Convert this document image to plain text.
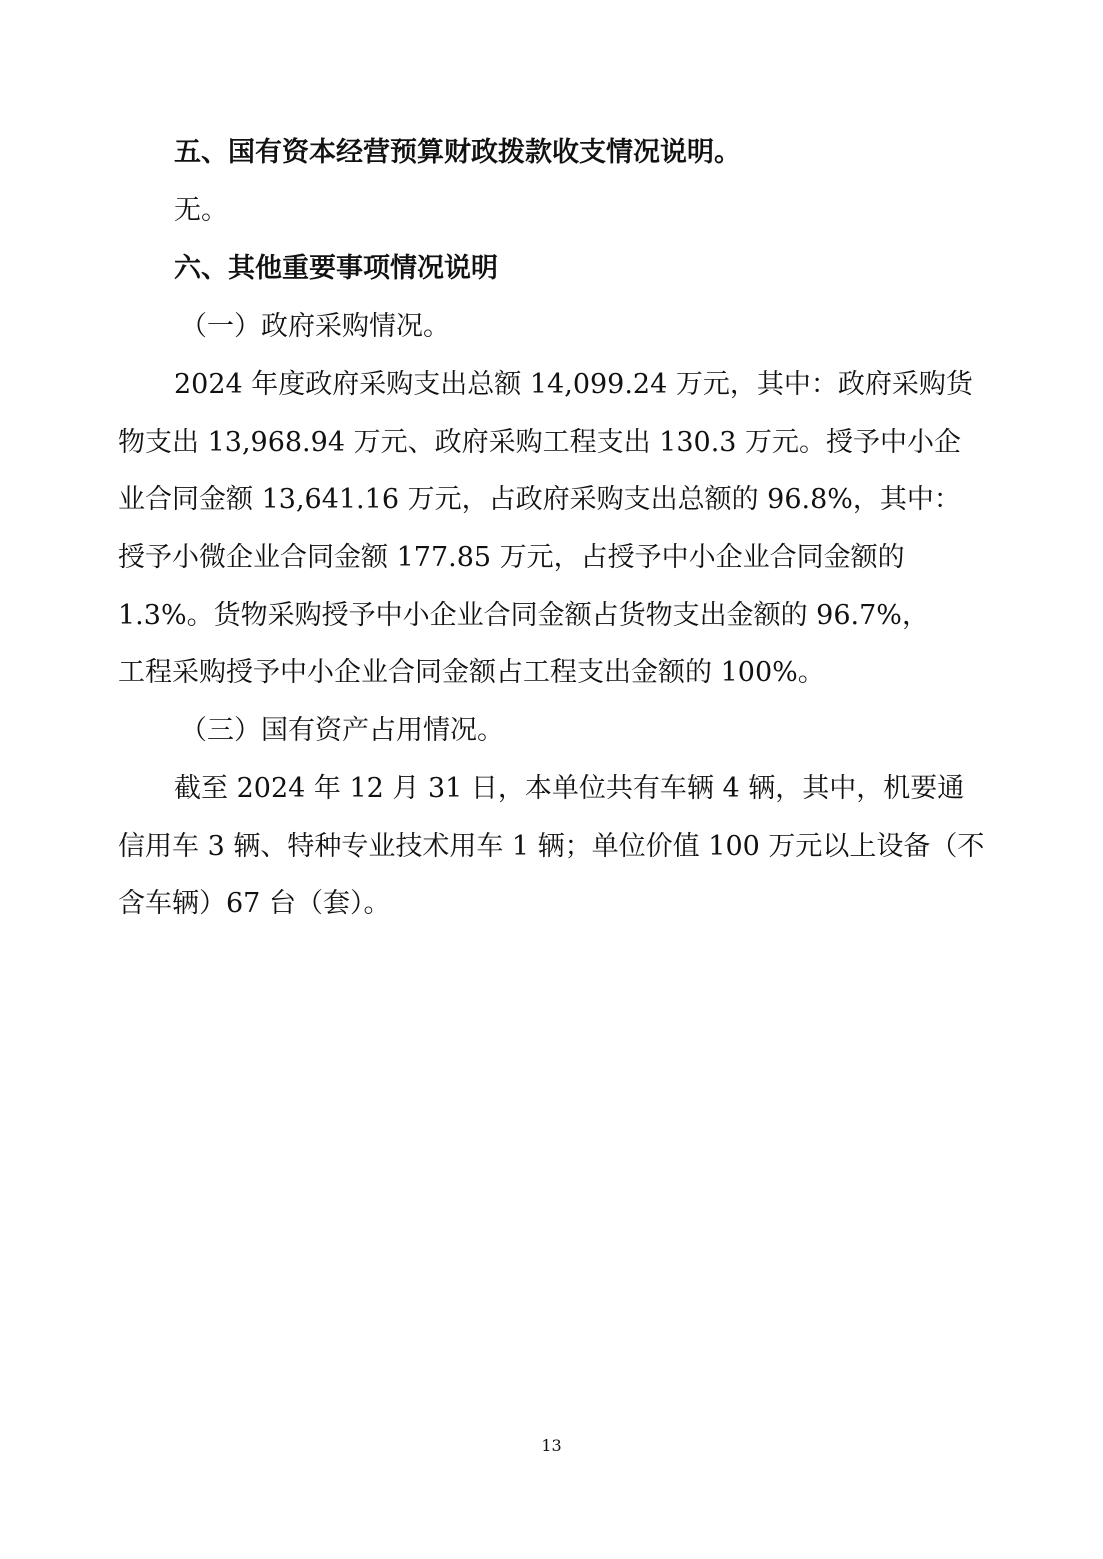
五、国有资本经营预算财政拨款收支情况说明。
无。
六、其他重要事项情况说明
（一）政府采购情况。
2024 年度政府采购支出总额 14,099.24 万元，其中：政府采购货
物支出 13,968.94 万元、政府采购工程支出 130.3 万元。授予中小企
业合同金额 13,641.16 万元，占政府采购支出总额的 96.8%，其中：
授予小微企业合同金额 177.85 万元，占授予中小企业合同金额的
1.3%。货物采购授予中小企业合同金额占货物支出金额的 96.7%，
工程采购授予中小企业合同金额占工程支出金额的 100%。
（三）国有资产占用情况。
截至 2024 年 12 月 31 日，本单位共有车辆 4 辆，其中，机要通
信用车 3 辆、特种专业技术用车 1 辆；单位价值 100 万元以上设备（不
含车辆）67 台（套）。
13
